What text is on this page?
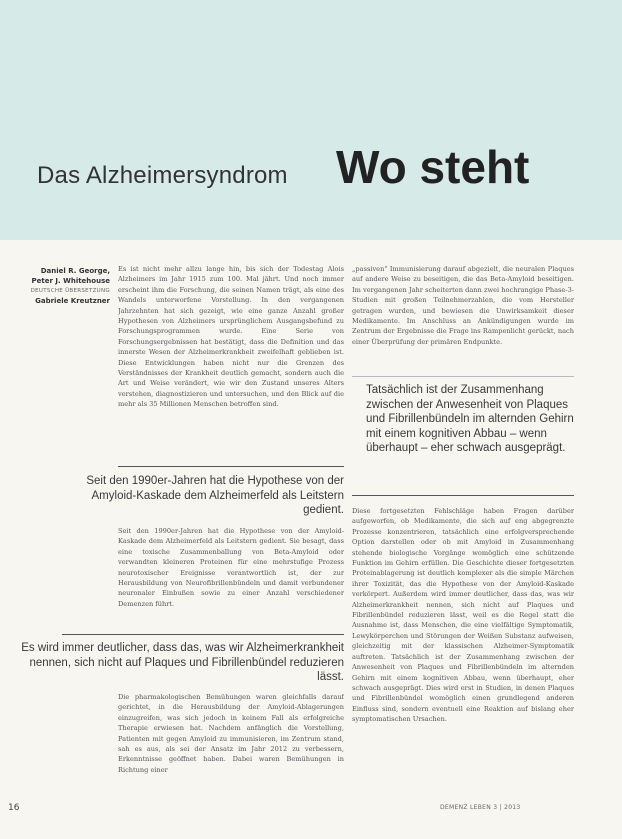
Das Alzheimersyndrom Wo steht
Daniel R. George,
Peter J. Whitehouse
DEUTSCHE ÜBERSETZUNG
Gabriele Kreutzner

Es ist nicht mehr allzu lange hin, bis sich der Todestag Alois Alzheimers im Jahr 1915 zum 100. Mal jährt. Und noch immer erscheint ihm die Forschung, die seinen Namen trägt, als eine des Wandels unterworfene Vorstellung. In den vergangenen Jahrzehnten hat sich gezeigt, wie eine ganze Anzahl großer Hypothesen von Alzheimers ursprünglichem Ausgangsbefund zu Forschungsprogrammen wurde. Eine Serie von Forschungsergebnissen hat bestätigt, dass die Definition und das innerste Wesen der Alzheimerkrankheit zweifelhaft geblieben ist. Diese Entwicklungen haben nicht nur die Grenzen des Verständnisses der Krankheit deutlich gemacht, sondern auch die Art und Weise verändert, wie wir den Zustand unseres Alters verstehen, diagnostizieren und untersuchen, und den Blick auf die mehr als 35 Millionen Menschen betroffen sind.

Seit den 1990er-Jahren hat die Hypothese von der Amyloid-Kaskade dem Alzheimerfeld als Leitstern gedient.

Seit den 1990er-Jahren hat die Hypothese von der Amyloid-Kaskade dem Alzheimerfeld als Leitstern gedient. Sie besagt, dass eine toxische Zusammenballung von Beta-Amyloid oder verwandten kleineren Proteinen für eine mehrstufige Prozess neurotoxischer Ereignisse verantwortlich ist, der zur Herausbildung von Neurofibrillenbündeln und damit verbundener neuronaler Einbußen sowie zu einer Anzahl verschiedener Demenzen führt.

Es wird immer deutlicher, dass das, was wir Alzheimerkrankheit nennen, sich nicht auf Plaques und Fibrillenbündel reduzieren lässt.

Die pharmakologischen Bemühungen waren gleichfalls darauf gerichtet, in die Herausbildung der Amyloid-Ablagerungen einzugreifen, was sich jedoch in keinem Fall als erfolgreiche Therapie erwiesen hat. Nachdem anfänglich die Vorstellung, Patienten mit gegen Amyloid zu immunisieren, im Zentrum stand, sah es aus, als sei der Ansatz im Jahr 2012 zu verbessern, Erkenntnisse geöffnet haben. Dabei waren Bemühungen in Richtung einer

„passiven" Immunisierung darauf abgezielt, die neuralen Plaques auf andere Weise zu beseitigen, die das Beta-Amyloid beseitigen. Im vergangenen Jahr scheiterten dann zwei hochrangige Phase-3-Studien mit großen Teilnehmerzahlen, die vom Hersteller getragen wurden, und bewiesen die Unwirksamkeit dieser Medikamente. Im Anschluss an Ankündigungen wurde im Zentrum der Ergebnisse die Frage ins Rampenlicht gerückt, nach einer Überprüfung der primären Endpunkte.

Tatsächlich ist der Zusammenhang zwischen der Anwesenheit von Plaques und Fibrillenbündeln im alternden Gehirn mit einem kognitiven Abbau – wenn überhaupt – eher schwach ausgeprägt.

Diese fortgesetzten Fehlschläge haben Fragen darüber aufgeworfen, ob Medikamente, die sich auf eng abgegrenzte Prozesse konzentrieren, tatsächlich eine erfolgversprechende Option darstellen oder ob mit Amyloid in Zusammenhang stehende biologische Vorgänge womöglich eine schützende Funktion im Gehirn erfüllen. Die Geschichte dieser fortgesetzten Proteinablagerung ist deutlich komplexer als die simple Märchen ihrer Toxizität, das die Hypothese von der Amyloid-Kaskade verkörpert. Außerdem wird immer deutlicher, dass das, was wir Alzheimerkrankheit nennen, sich nicht auf Plaques und Fibrillenbündel reduzieren lässt, weil es die Regel statt die Ausnahme ist, dass Menschen, die eine vielfältige Symptomatik, Lewykörperchen und Störungen der Weißen Substanz aufweisen, gleichzeitig mit der klassischen Alzheimer-Symptomatik auftreten. Tatsächlich ist der Zusammenhang zwischen der Anwesenheit von Plaques und Fibrillenbündeln im alternden Gehirn mit einem kognitiven Abbau, wenn überhaupt, eher schwach ausgeprägt. Dies wird erst in Studien, in denen Plaques und Fibrillenbündel womöglich einen grundlegend anderen Einfluss sind, sondern eventuell eine Reaktion auf bislang eher symptomatischen Ursachen.

16	DEMENZ LEBEN 3 | 2013
